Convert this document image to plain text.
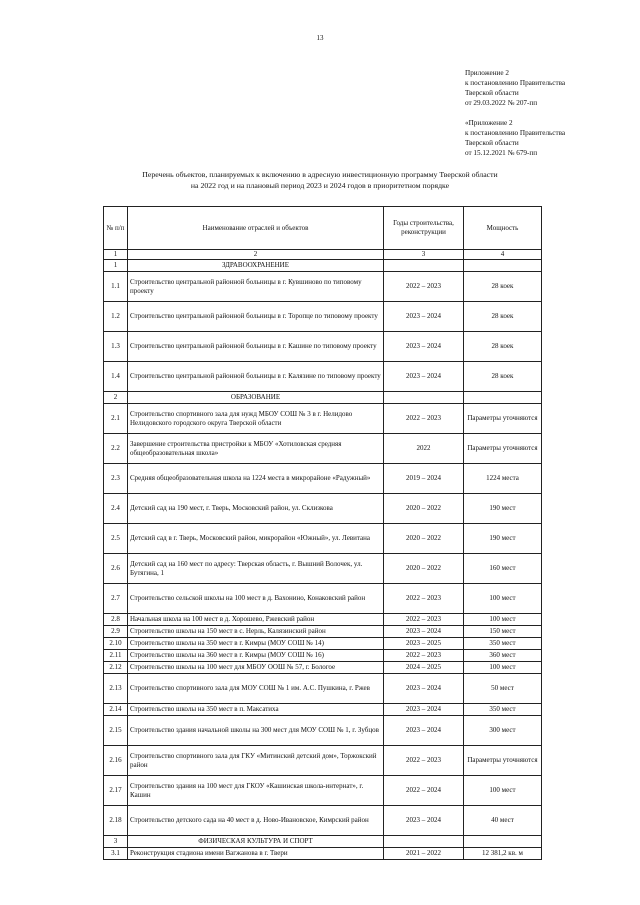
13
Приложение 2
к постановлению Правительства
Тверской области
от 29.03.2022 № 207-пп
«Приложение 2
к постановлению Правительства
Тверской области
от 15.12.2021 № 679-пп
Перечень объектов, планируемых к включению в адресную инвестиционную программу Тверской области
на 2022 год и на плановый период 2023 и 2024 годов в приоритетном порядке
№ п/п	Наименование отраслей и объектов	Годы строительства, реконструкции	Мощность
1	2	3	4
1	ЗДРАВООХРАНЕНИЕ		
1.1	Строительство центральной районной больницы в г. Кувшиново по типовому проекту	2022 – 2023	28 коек
1.2	Строительство центральной районной больницы в г. Торопце по типовому проекту	2023 – 2024	28 коек
1.3	Строительство центральной районной больницы в г. Кашине по типовому проекту	2023 – 2024	28 коек
1.4	Строительство центральной районной больницы в г. Калязине по типовому проекту	2023 – 2024	28 коек
2	ОБРАЗОВАНИЕ		
2.1	Строительство спортивного зала для нужд МБОУ СОШ № 3 в г. Нелидово Нелидовского городского округа Тверской области	2022 – 2023	Параметры уточняются
2.2	Завершение строительства пристройки к МБОУ «Хотиловская средняя общеобразовательная школа»	2022	Параметры уточняются
2.3	Средняя общеобразовательная школа на 1224 места в микрорайоне «Радужный»	2019 – 2024	1224 места
2.4	Детский сад на 190 мест, г. Тверь, Московский район, ул. Склизкова	2020 – 2022	190 мест
2.5	Детский сад в г. Тверь, Московский район, микрорайон «Южный», ул. Левитана	2020 – 2022	190 мест
2.6	Детский сад на 160 мест по адресу: Тверская область, г. Вышний Волочек, ул. Бутягина, 1	2020 – 2022	160 мест
2.7	Строительство сельской школы на 100 мест в д. Вахонино, Конаковский район	2022 – 2023	100 мест
2.8	Начальная школа на 100 мест в д. Хорошево, Ржевский район	2022 – 2023	100 мест
2.9	Строительство школы на 150 мест в с. Нерль, Калязинский район	2023 – 2024	150 мест
2.10	Строительство школы на 350 мест в г. Кимры (МОУ СОШ № 14)	2023 – 2025	350 мест
2.11	Строительство школы на 360 мест в г. Кимры (МОУ СОШ № 16)	2022 – 2023	360 мест
2.12	Строительство школы на 100 мест для МБОУ ООШ № 57, г. Бологое	2024 – 2025	100 мест
2.13	Строительство спортивного зала для МОУ СОШ № 1 им. А.С. Пушкина, г. Ржев	2023 – 2024	50 мест
2.14	Строительство школы на 350 мест в п. Максатиха	2023 – 2024	350 мест
2.15	Строительство здания начальной школы на 300 мест для МОУ СОШ № 1, г. Зубцов	2023 – 2024	300 мест
2.16	Строительство спортивного зала для ГКУ «Митинский детский дом», Торжокский район	2022 – 2023	Параметры уточняются
2.17	Строительство здания на 100 мест для ГКОУ «Кашинская школа-интернат», г. Кашин	2022 – 2024	100 мест
2.18	Строительство детского сада на 40 мест в д. Ново-Ивановское, Кимрский район	2023 – 2024	40 мест
3	ФИЗИЧЕСКАЯ КУЛЬТУРА И СПОРТ		
3.1	Реконструкция стадиона имени Вагжанова в г. Твери	2021 – 2022	12 381,2 кв. м
